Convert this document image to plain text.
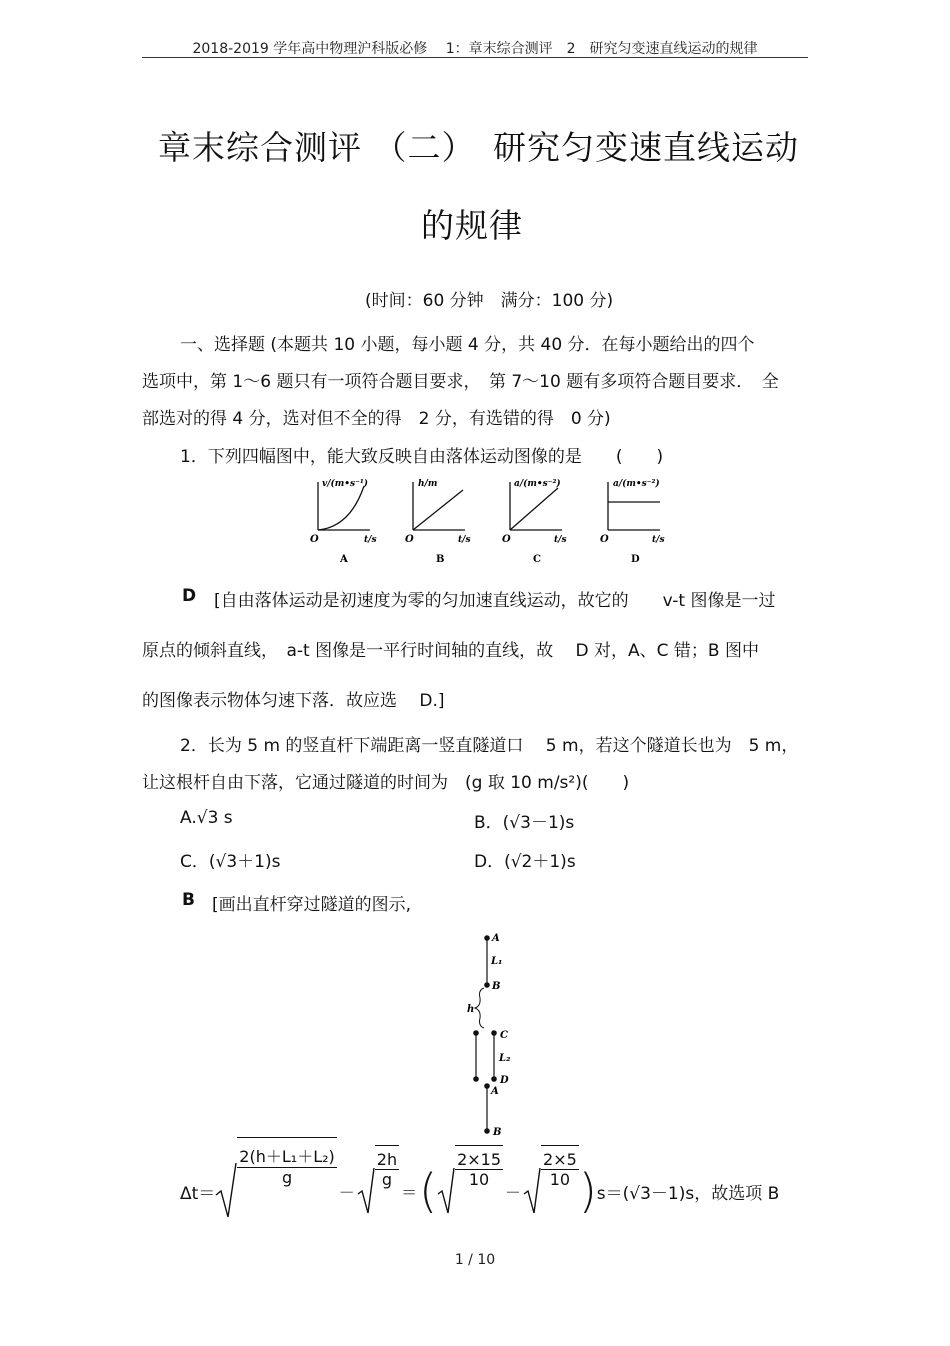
2018-2019 学年高中物理沪科版必修　 1：章末综合测评　2　研究匀变速直线运动的规律
章末综合测评 （二）　研究匀变速直线运动
的规律
(时间：60 分钟　满分：100 分)
一、选择题 (本题共 10 小题，每小题 4 分，共 40 分．在每小题给出的四个
选项中，第 1～6 题只有一项符合题目要求，　第 7～10 题有多项符合题目要求．　全
部选对的得 4 分，选对但不全的得　2 分，有选错的得　0 分)
1．下列四幅图中，能大致反映自由落体运动图像的是　　(　　)
v/(m•s⁻¹)
t/s
O
A
h/m
t/s
O
B
a/(m•s⁻²)
t/s
O
C
a/(m•s⁻²)
t/s
O
D
D [自由落体运动是初速度为零的匀加速直线运动，故它的　　v-t 图像是一过
原点的倾斜直线，　a-t 图像是一平行时间轴的直线，故　 D 对，A、C 错；B 图中
的图像表示物体匀速下落．故应选　 D.]
2．长为 5 m 的竖直杆下端距离一竖直隧道口　 5 m，若这个隧道长也为　5 m，
让这根杆自由下落，它通过隧道的时间为　(g 取 10 m/s²)(　　)
A.√3 s	B．(√3－1)s
C．(√3＋1)s	D．(√2＋1)s
B [画出直杆穿过隧道的图示,
A
L₁
B
h
C
L₂
D
A
B
Δt＝
$\frac{\text{2(h＋L₁＋L₂)}}{g}$
－
$\frac{2h}{g}$
＝ ( $\frac{2\times 15}{10}$
－
$\frac{2\times 5}{10}$ ) s＝(√3－1)s，故选项 B
1 / 10
